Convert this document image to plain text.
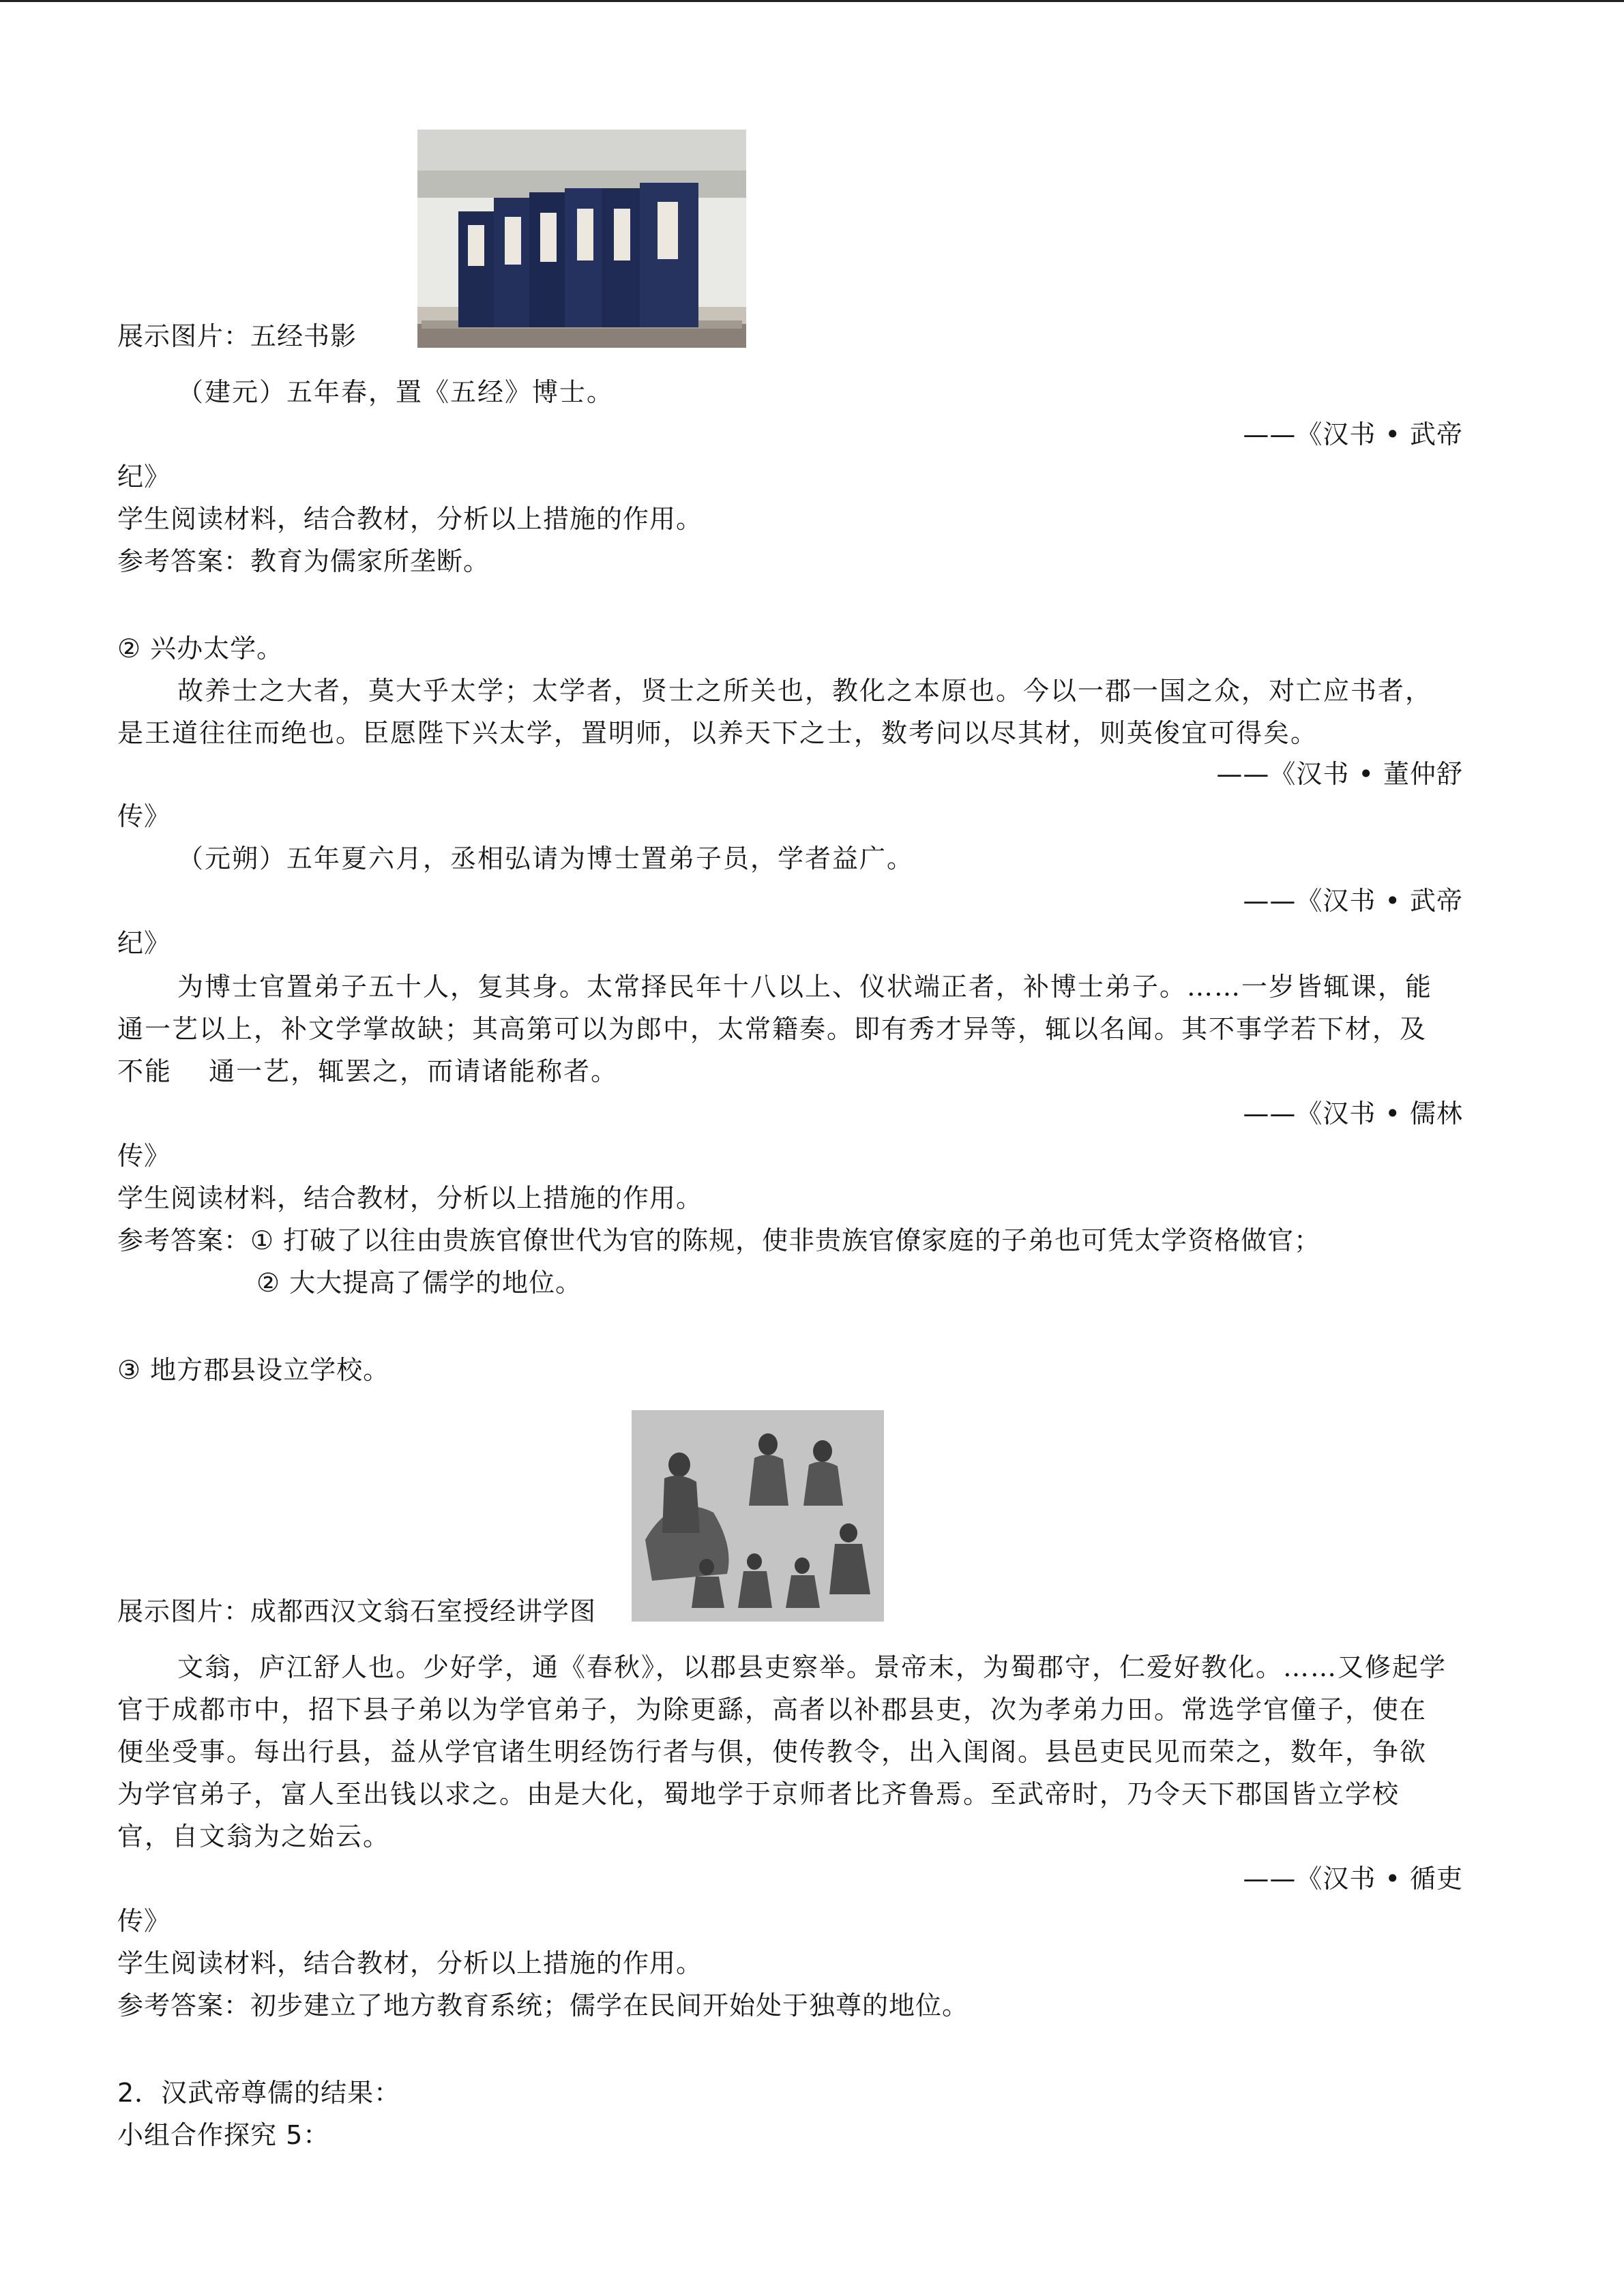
展示图片：五经书影
（建元）五年春，置《五经》博士。
——《汉书 • 武帝
纪》
学生阅读材料，结合教材，分析以上措施的作用。
参考答案：教育为儒家所垄断。
② 兴办太学。
故养士之大者，莫大乎太学；太学者，贤士之所关也，教化之本原也。今以一郡一国之众，对亡应书者，
是王道往往而绝也。臣愿陛下兴太学，置明师，以养天下之士，数考问以尽其材，则英俊宜可得矣。
——《汉书 • 董仲舒
传》
（元朔）五年夏六月，丞相弘请为博士置弟子员，学者益广。
——《汉书 • 武帝
纪》
为博士官置弟子五十人，复其身。太常择民年十八以上、仪状端正者，补博士弟子。……一岁皆辄课，能
通一艺以上，补文学掌故缺；其高第可以为郎中，太常籍奏。即有秀才异等，辄以名闻。其不事学若下材，及
不能　 通一艺，辄罢之，而请诸能称者。
——《汉书 • 儒林
传》
学生阅读材料，结合教材，分析以上措施的作用。
参考答案：① 打破了以往由贵族官僚世代为官的陈规，使非贵族官僚家庭的子弟也可凭太学资格做官；
② 大大提高了儒学的地位。
③ 地方郡县设立学校。
展示图片：成都西汉文翁石室授经讲学图
文翁，庐江舒人也。少好学，通《春秋》，以郡县吏察举。景帝末，为蜀郡守，仁爱好教化。……又修起学
官于成都市中，招下县子弟以为学官弟子，为除更繇，高者以补郡县吏，次为孝弟力田。常选学官僮子，使在
便坐受事。每出行县，益从学官诸生明经饬行者与俱，使传教令，出入闺阁。县邑吏民见而荣之，数年，争欲
为学官弟子，富人至出钱以求之。由是大化，蜀地学于京师者比齐鲁焉。至武帝时，乃令天下郡国皆立学校
官，自文翁为之始云。
——《汉书 • 循吏
传》
学生阅读材料，结合教材，分析以上措施的作用。
参考答案：初步建立了地方教育系统；儒学在民间开始处于独尊的地位。
2．汉武帝尊儒的结果：
小组合作探究 5：
